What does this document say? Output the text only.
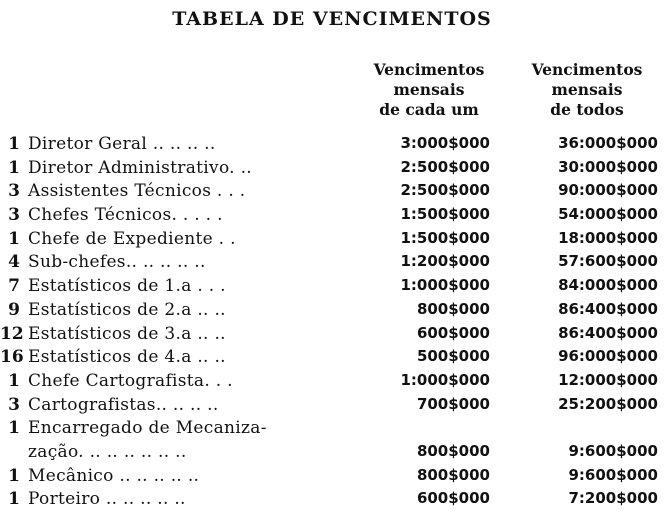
TABELA DE VENCIMENTOS
Vencimentos
mensais
de cada um
Vencimentos
mensais
de todos
1 Diretor Geral .. .. .. ..	3:000$000	36:000$000
1 Diretor Administrativo. ..	2:500$000	30:000$000
3 Assistentes Técnicos . . .	2:500$000	90:000$000
3 Chefes Técnicos. . . . .	1:500$000	54:000$000
1 Chefe de Expediente . .	1:500$000	18:000$000
4 Sub-chefes.. .. .. .. ..	1:200$000	57:600$000
7 Estatísticos de 1.a . . .	1:000$000	84:000$000
9 Estatísticos de 2.a .. ..	800$000	86:400$000
12 Estatísticos de 3.a .. ..	600$000	86:400$000
16 Estatísticos de 4.a .. ..	500$000	96:000$000
1 Chefe Cartografista. . .	1:000$000	12:000$000
3 Cartografistas.. .. .. ..	700$000	25:200$000
1 Encarregado de Mecaniza-
zação. .. .. .. .. .. ..	800$000	9:600$000
1 Mecânico .. .. .. .. ..	800$000	9:600$000
1 Porteiro .. .. .. .. ..	600$000	7:200$000
